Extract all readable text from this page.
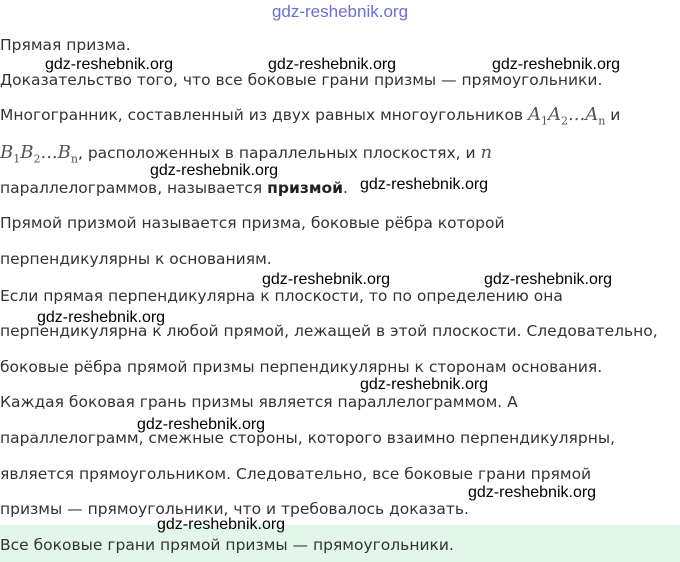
gdz-reshebnik.org
Прямая призма.
Доказательство того, что все боковые грани призмы — прямоугольники.
Многогранник, составленный из двух равных многоугольников $A_1A_2...A_n$ и
$B_1B_2...B_n$, расположенных в параллельных плоскостях, и n
параллелограммов, называется призмой.
Прямой призмой называется призма, боковые рёбра которой
перпендикулярны к основаниям.
Если прямая перпендикулярна к плоскости, то по определению она
перпендикулярна к любой прямой, лежащей в этой плоскости. Следовательно,
боковые рёбра прямой призмы перпендикулярны к сторонам основания.
Каждая боковая грань призмы является параллелограммом. А
параллелограмм, смежные стороны, которого взаимно перпендикулярны,
является прямоугольником. Следовательно, все боковые грани прямой
призмы — прямоугольники, что и требовалось доказать.
Все боковые грани прямой призмы — прямоугольники.
gdz-reshebnik.org	gdz-reshebnik.org	gdz-reshebnik.org
gdz-reshebnik.org
gdz-reshebnik.org
gdz-reshebnik.org	gdz-reshebnik.org
gdz-reshebnik.org
gdz-reshebnik.org
gdz-reshebnik.org
gdz-reshebnik.org
gdz-reshebnik.org
